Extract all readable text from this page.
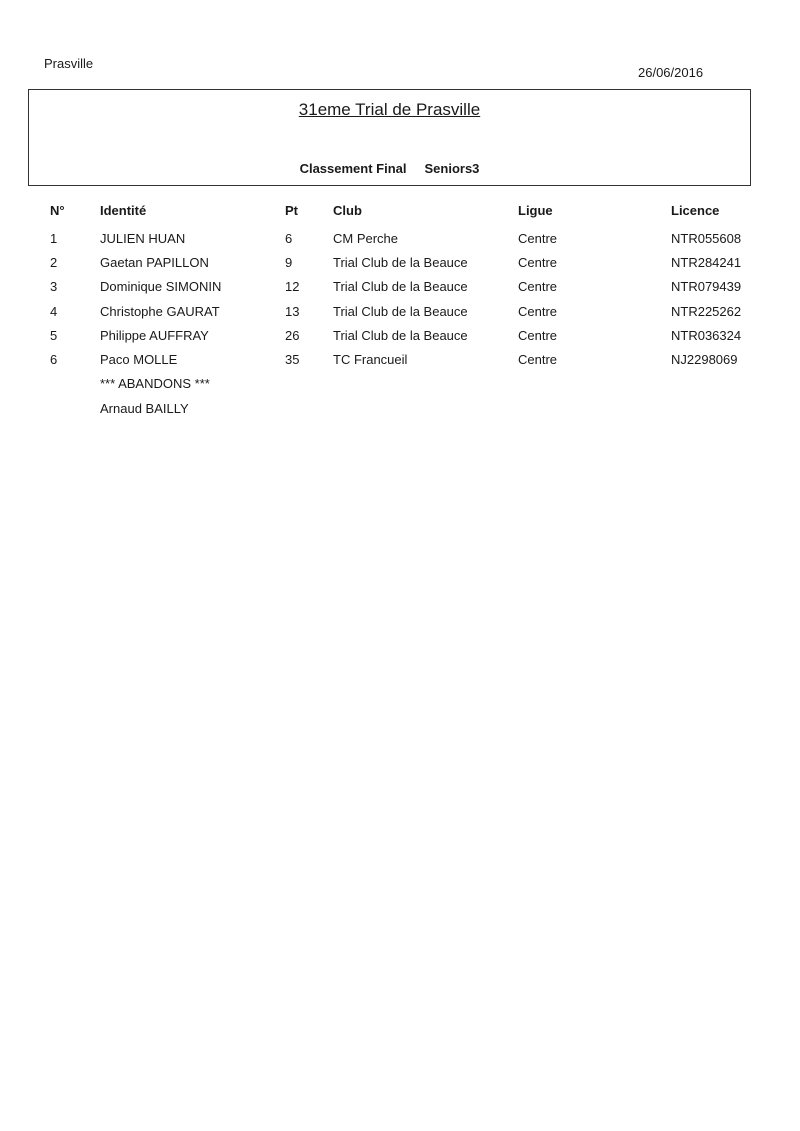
Prasville
26/06/2016
31eme Trial de Prasville
Classement Final Seniors3
N°	Identité	Pt	Club	Ligue	Licence
1	JULIEN HUAN	6	CM Perche	Centre	NTR055608
2	Gaetan PAPILLON	9	Trial Club de la Beauce	Centre	NTR284241
3	Dominique SIMONIN	12	Trial Club de la Beauce	Centre	NTR079439
4	Christophe GAURAT	13	Trial Club de la Beauce	Centre	NTR225262
5	Philippe AUFFRAY	26	Trial Club de la Beauce	Centre	NTR036324
6	Paco MOLLE	35	TC Francueil	Centre	NJ2298069
*** ABANDONS ***
Arnaud BAILLY
